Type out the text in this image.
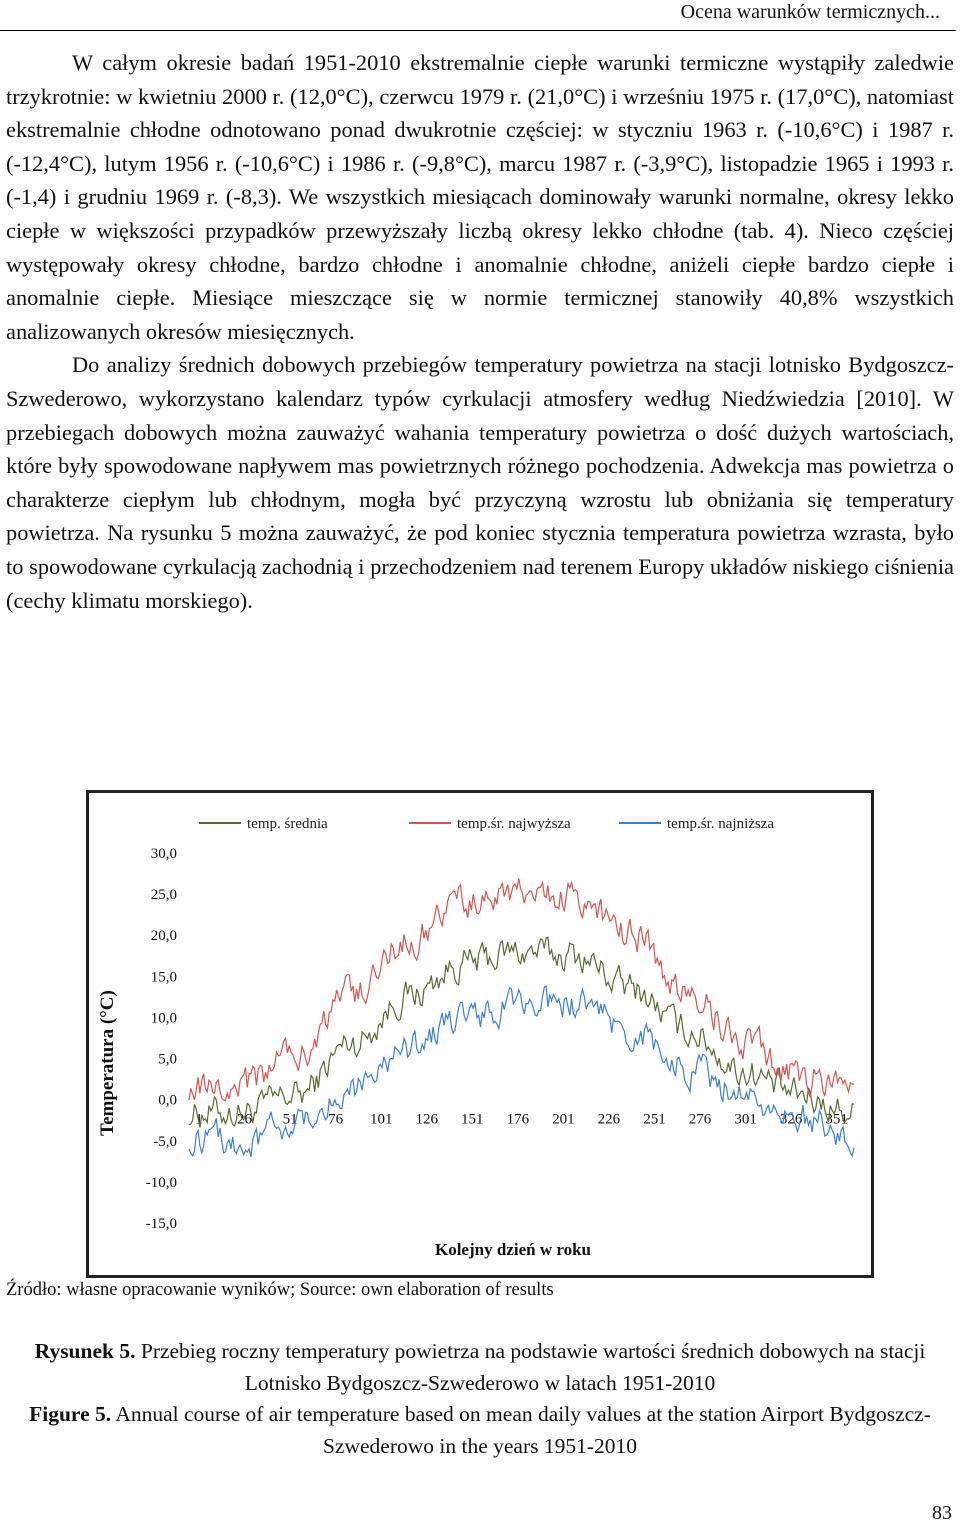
Ocena warunków termicznych...

W całym okresie badań 1951-2010 ekstremalnie ciepłe warunki termiczne wystąpiły zaledwie trzykrotnie: w kwietniu 2000 r. (12,0°C), czerwcu 1979 r. (21,0°C) i wrześniu 1975 r. (17,0°C), natomiast ekstremalnie chłodne odnotowano ponad dwukrotnie częściej: w styczniu 1963 r. (-10,6°C) i 1987 r. (-12,4°C), lutym 1956 r. (-10,6°C) i 1986 r. (-9,8°C), marcu 1987 r. (-3,9°C), listopadzie 1965 i 1993 r. (-1,4) i grudniu 1969 r. (-8,3). We wszystkich miesiącach dominowały warunki normalne, okresy lekko ciepłe w większości przypadków przewyższały liczbą okresy lekko chłodne (tab. 4). Nieco częściej występowały okresy chłodne, bardzo chłodne i anomalnie chłodne, aniżeli ciepłe bardzo ciepłe i anomalnie ciepłe. Miesiące mieszczące się w normie termicznej stanowiły 40,8% wszystkich analizowanych okresów miesięcznych.

Do analizy średnich dobowych przebiegów temperatury powietrza na stacji lotnisko Bydgoszcz-Szwederowo, wykorzystano kalendarz typów cyrkulacji atmosfery według Niedźwiedzia [2010]. W przebiegach dobowych można zauważyć wahania temperatury powietrza o dość dużych wartościach, które były spowodowane napływem mas powietrznych różnego pochodzenia. Adwekcja mas powietrza o charakterze ciepłym lub chłodnym, mogła być przyczyną wzrostu lub obniżania się temperatury powietrza. Na rysunku 5 można zauważyć, że pod koniec stycznia temperatura powietrza wzrasta, było to spowodowane cyrkulacją zachodnią i przechodzeniem nad terenem Europy układów niskiego ciśnienia (cechy klimatu morskiego).

temp. średnia	temp.śr. najwyższa	temp.śr. najniższa
30,0
25,0
20,0
15,0
10,0
5,0
0,0
-5,0
-10,0
-15,0
1 26 51 76 101 126 151 176 201 226 251 276 301 326 351
Temperatura (°C)
Kolejny dzień w roku
Źródło: własne opracowanie wyników; Source: own elaboration of results
Rysunek 5. Przebieg roczny temperatury powietrza na podstawie wartości średnich dobowych na stacji Lotnisko Bydgoszcz-Szwederowo w latach 1951-2010
Figure 5. Annual course of air temperature based on mean daily values at the station Airport Bydgoszcz-Szwederowo in the years 1951-2010
83
